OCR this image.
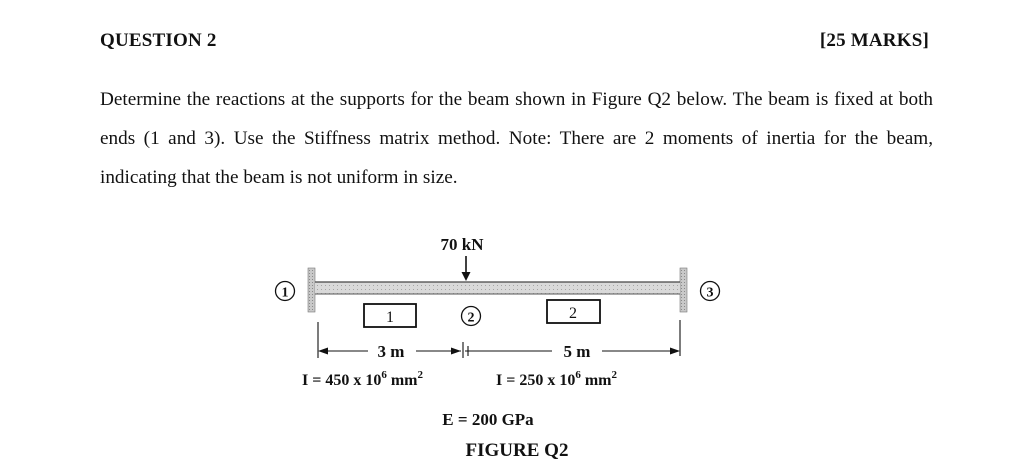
QUESTION 2	[25 MARKS]

Determine the reactions at the supports for the beam shown in Figure Q2 below. The beam is fixed at both ends (1 and 3). Use the Stiffness matrix method. Note: There are 2 moments of inertia for the beam, indicating that the beam is not uniform in size.

70 kN
1	3
2
1	2
3 m	5 m
I = 450 x $10^6$ $mm^2$	I = 250 x $10^6$ $mm^2$
E = 200 GPa
FIGURE Q2
